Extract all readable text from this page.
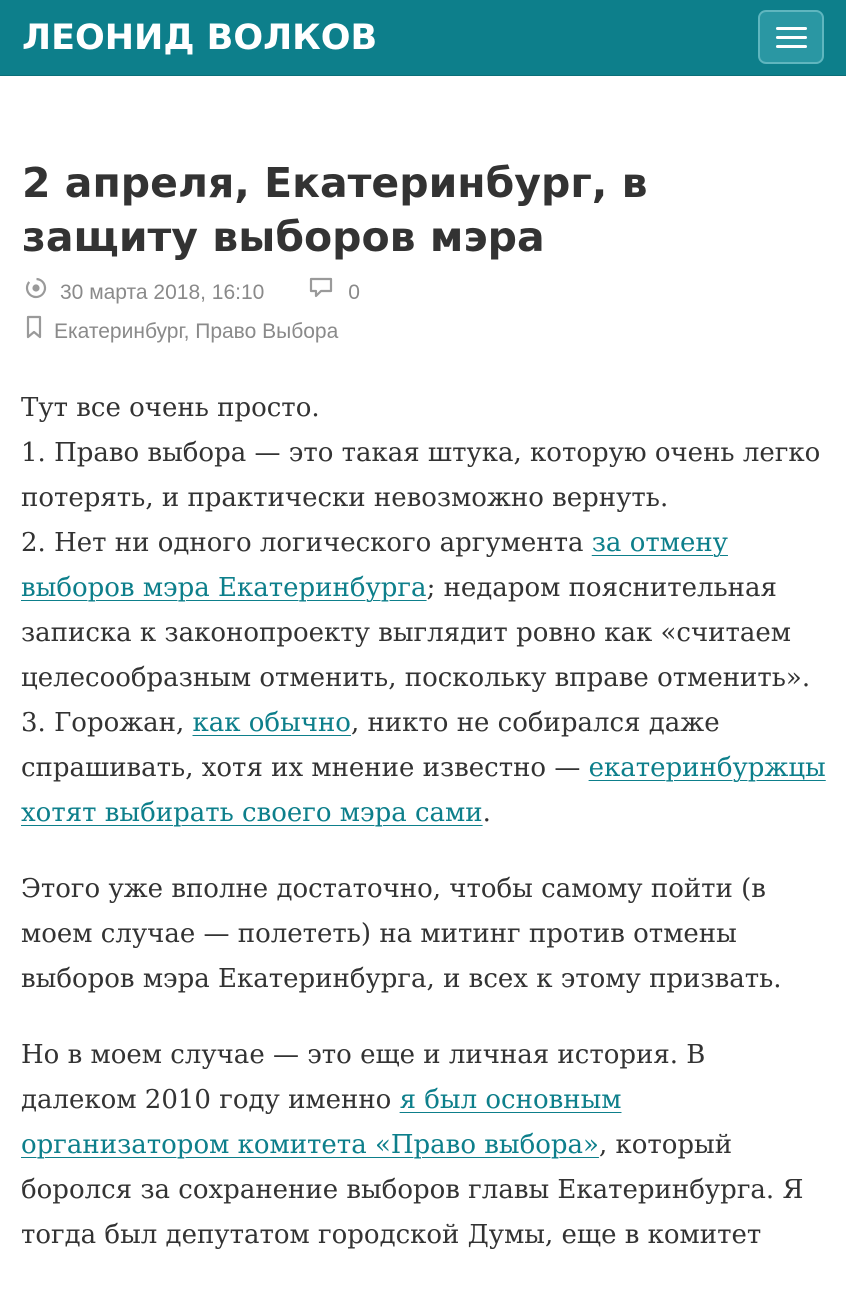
ЛЕОНИД ВОЛКОВ
2 апреля, Екатеринбург, в защиту выборов мэра
30 марта 2018, 16:10	0
Екатеринбург, Право Выбора

Тут все очень просто.
1. Право выбора — это такая штука, которую очень легко потерять, и практически невозможно вернуть.
2. Нет ни одного логического аргумента за отмену выборов мэра Екатеринбурга; недаром пояснительная записка к законопроекту выглядит ровно как «считаем целесообразным отменить, поскольку вправе отменить».
3. Горожан, как обычно, никто не собирался даже спрашивать, хотя их мнение известно — екатеринбуржцы хотят выбирать своего мэра сами.

Этого уже вполне достаточно, чтобы самому пойти (в моем случае — полететь) на митинг против отмены выборов мэра Екатеринбурга, и всех к этому призвать.

Но в моем случае — это еще и личная история. В далеком 2010 году именно я был основным организатором комитета «Право выбора», который боролся за сохранение выборов главы Екатеринбурга. Я тогда был депутатом городской Думы, еще в комитет
